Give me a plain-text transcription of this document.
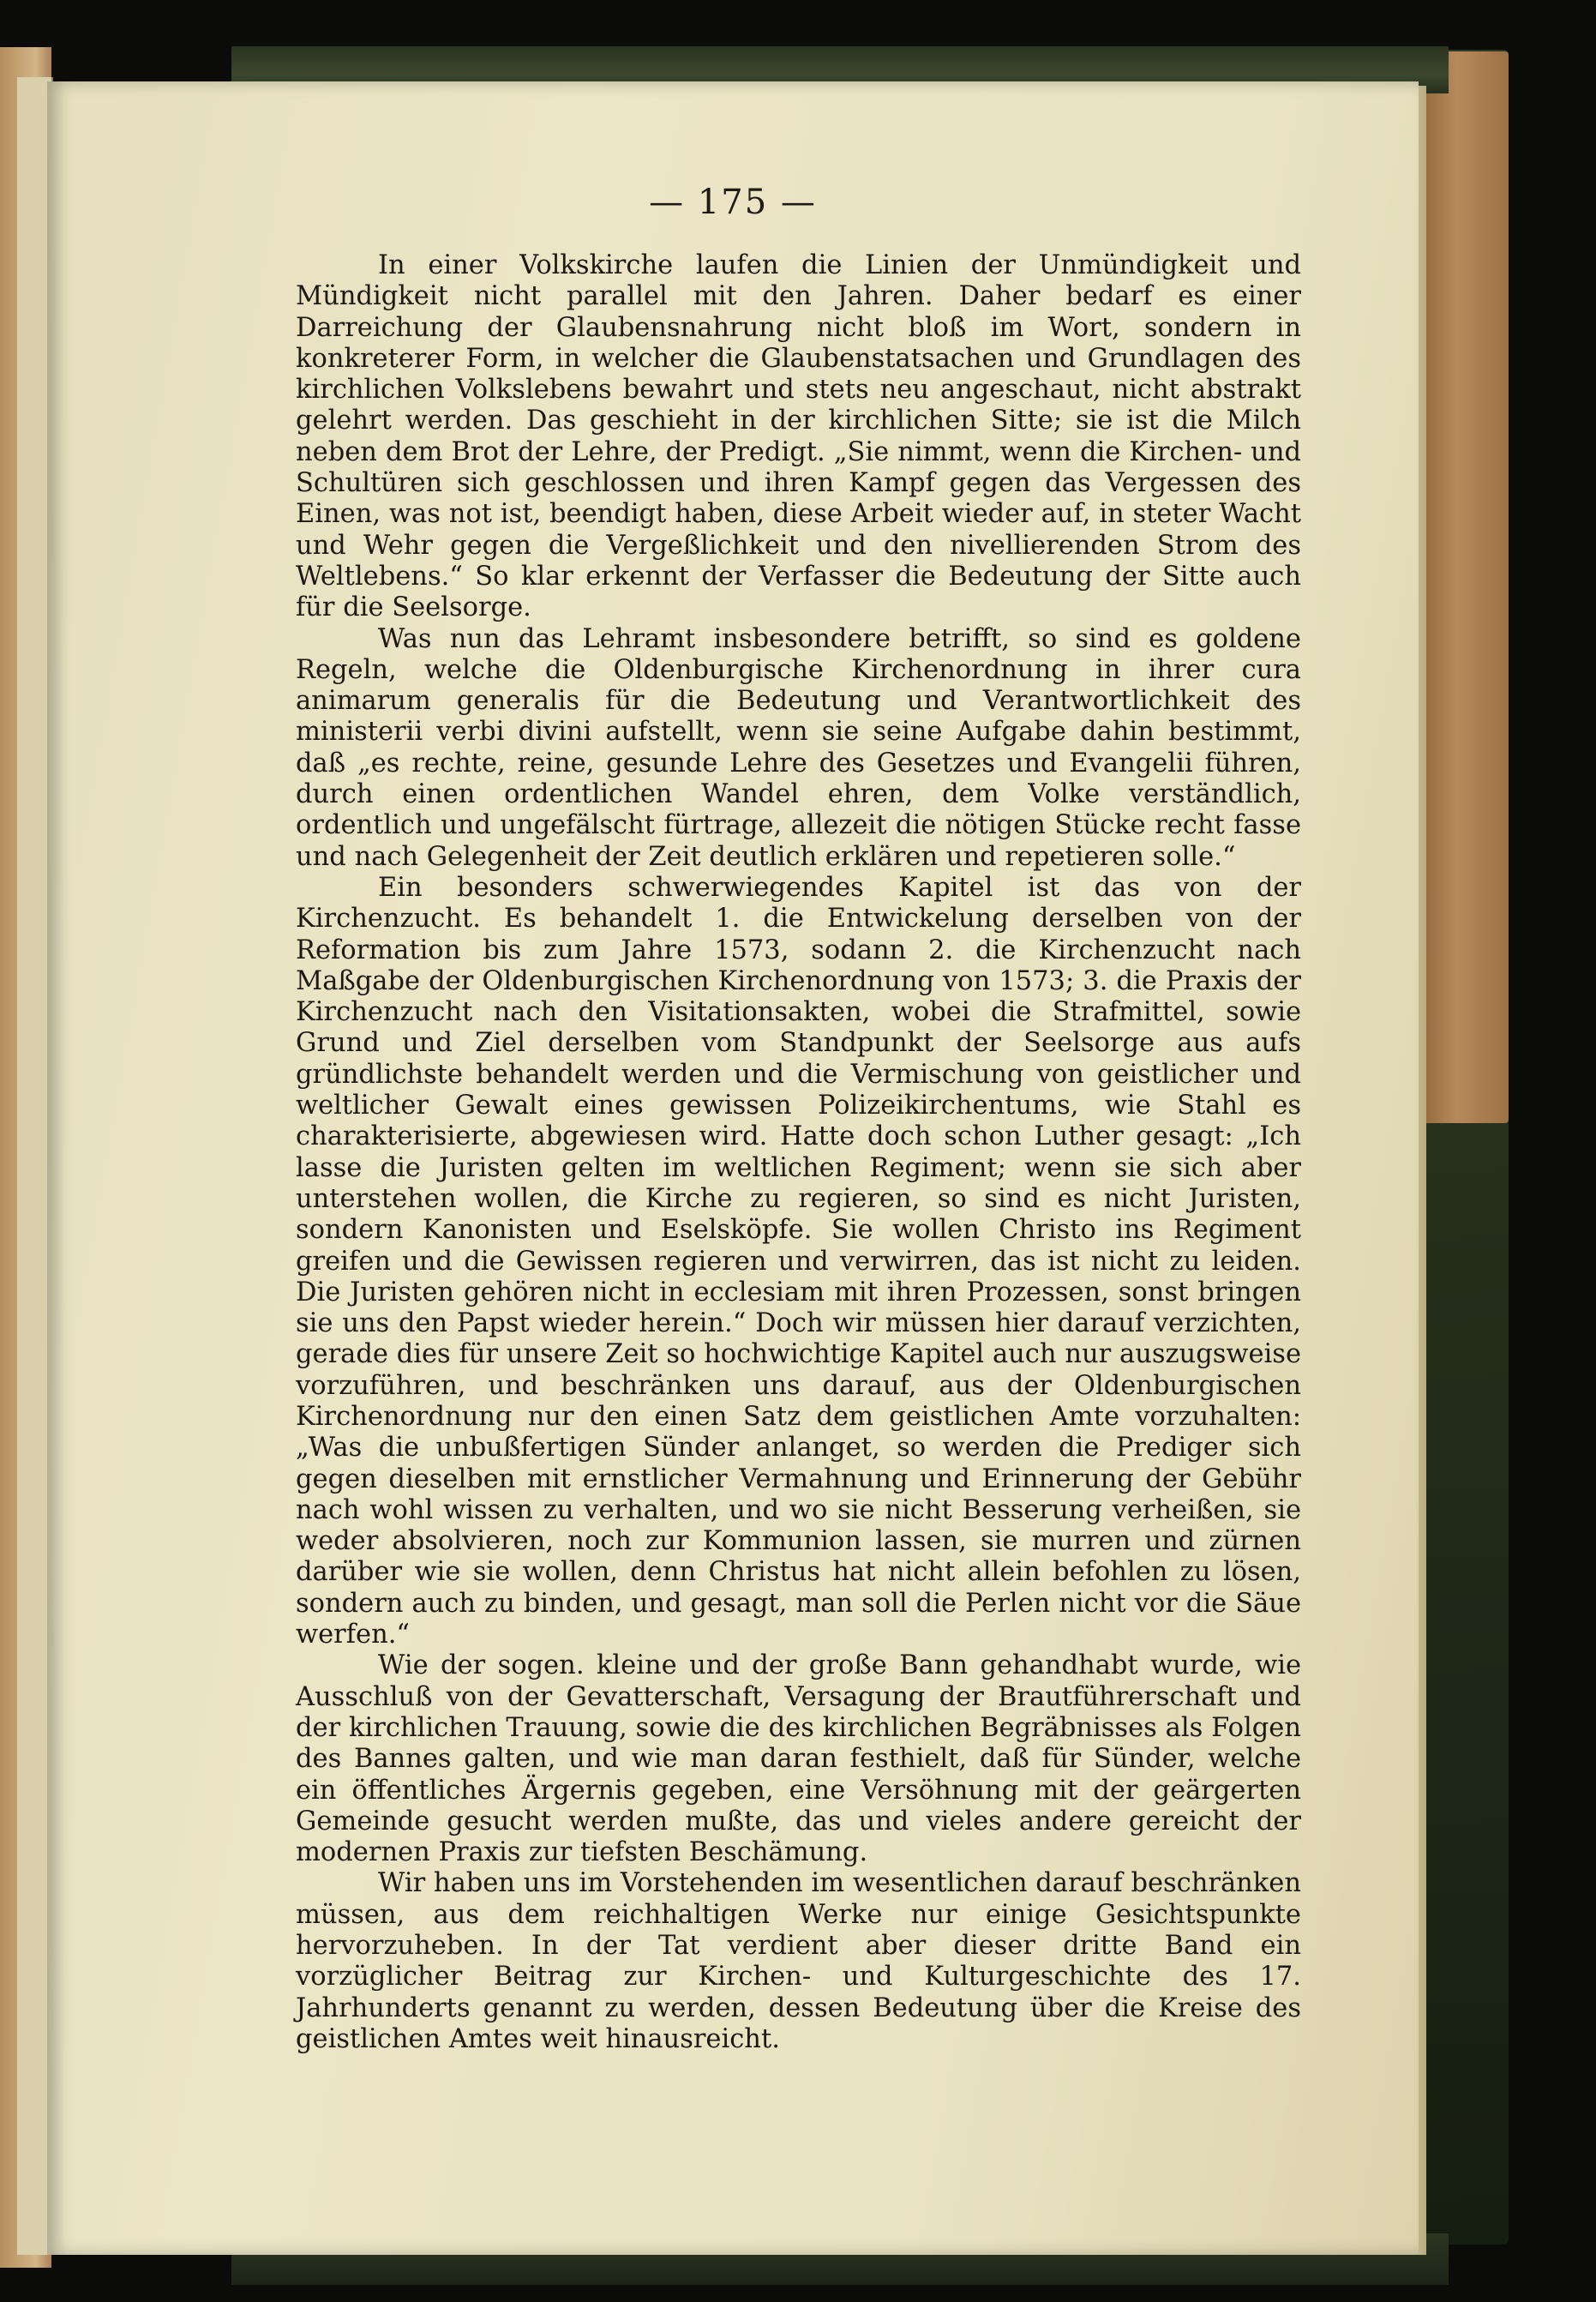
— 175 —

In einer Volkskirche laufen die Linien der Unmündigkeit und Mündigkeit nicht parallel mit den Jahren. Daher bedarf es einer Darreichung der Glaubensnahrung nicht bloß im Wort, sondern in konkreterer Form, in welcher die Glaubenstatsachen und Grundlagen des kirchlichen Volkslebens bewahrt und stets neu angeschaut, nicht abstrakt gelehrt werden. Das geschieht in der kirchlichen Sitte; sie ist die Milch neben dem Brot der Lehre, der Predigt. „Sie nimmt, wenn die Kirchen- und Schultüren sich geschlossen und ihren Kampf gegen das Vergessen des Einen, was not ist, beendigt haben, diese Arbeit wieder auf, in steter Wacht und Wehr gegen die Vergeßlichkeit und den nivellierenden Strom des Weltlebens.“ So klar erkennt der Verfasser die Bedeutung der Sitte auch für die Seelsorge.

Was nun das Lehramt insbesondere betrifft, so sind es goldene Regeln, welche die Oldenburgische Kirchenordnung in ihrer cura animarum generalis für die Bedeutung und Verantwortlichkeit des ministerii verbi divini aufstellt, wenn sie seine Aufgabe dahin bestimmt, daß „es rechte, reine, gesunde Lehre des Gesetzes und Evangelii führen, durch einen ordentlichen Wandel ehren, dem Volke verständlich, ordentlich und ungefälscht fürtrage, allezeit die nötigen Stücke recht fasse und nach Gelegenheit der Zeit deutlich erklären und repetieren solle.“

Ein besonders schwerwiegendes Kapitel ist das von der Kirchenzucht. Es behandelt 1. die Entwickelung derselben von der Reformation bis zum Jahre 1573, sodann 2. die Kirchenzucht nach Maßgabe der Oldenburgischen Kirchenordnung von 1573; 3. die Praxis der Kirchenzucht nach den Visitationsakten, wobei die Strafmittel, sowie Grund und Ziel derselben vom Standpunkt der Seelsorge aus aufs gründlichste behandelt werden und die Vermischung von geistlicher und weltlicher Gewalt eines gewissen Polizeikirchentums, wie Stahl es charakterisierte, abgewiesen wird. Hatte doch schon Luther gesagt: „Ich lasse die Juristen gelten im weltlichen Regiment; wenn sie sich aber unterstehen wollen, die Kirche zu regieren, so sind es nicht Juristen, sondern Kanonisten und Eselsköpfe. Sie wollen Christo ins Regiment greifen und die Gewissen regieren und verwirren, das ist nicht zu leiden. Die Juristen gehören nicht in ecclesiam mit ihren Prozessen, sonst bringen sie uns den Papst wieder herein.“ Doch wir müssen hier darauf verzichten, gerade dies für unsere Zeit so hochwichtige Kapitel auch nur auszugsweise vorzuführen, und beschränken uns darauf, aus der Oldenburgischen Kirchenordnung nur den einen Satz dem geistlichen Amte vorzuhalten: „Was die unbußfertigen Sünder anlanget, so werden die Prediger sich gegen dieselben mit ernstlicher Vermahnung und Erinnerung der Gebühr nach wohl wissen zu verhalten, und wo sie nicht Besserung verheißen, sie weder absolvieren, noch zur Kommunion lassen, sie murren und zürnen darüber wie sie wollen, denn Christus hat nicht allein befohlen zu lösen, sondern auch zu binden, und gesagt, man soll die Perlen nicht vor die Säue werfen.“

Wie der sogen. kleine und der große Bann gehandhabt wurde, wie Ausschluß von der Gevatterschaft, Versagung der Brautführerschaft und der kirchlichen Trauung, sowie die des kirchlichen Begräbnisses als Folgen des Bannes galten, und wie man daran festhielt, daß für Sünder, welche ein öffentliches Ärgernis gegeben, eine Versöhnung mit der geärgerten Gemeinde gesucht werden mußte, das und vieles andere gereicht der modernen Praxis zur tiefsten Beschämung.

Wir haben uns im Vorstehenden im wesentlichen darauf beschränken müssen, aus dem reichhaltigen Werke nur einige Gesichtspunkte hervorzuheben. In der Tat verdient aber dieser dritte Band ein vorzüglicher Beitrag zur Kirchen- und Kulturgeschichte des 17. Jahrhunderts genannt zu werden, dessen Bedeutung über die Kreise des geistlichen Amtes weit hinausreicht.
